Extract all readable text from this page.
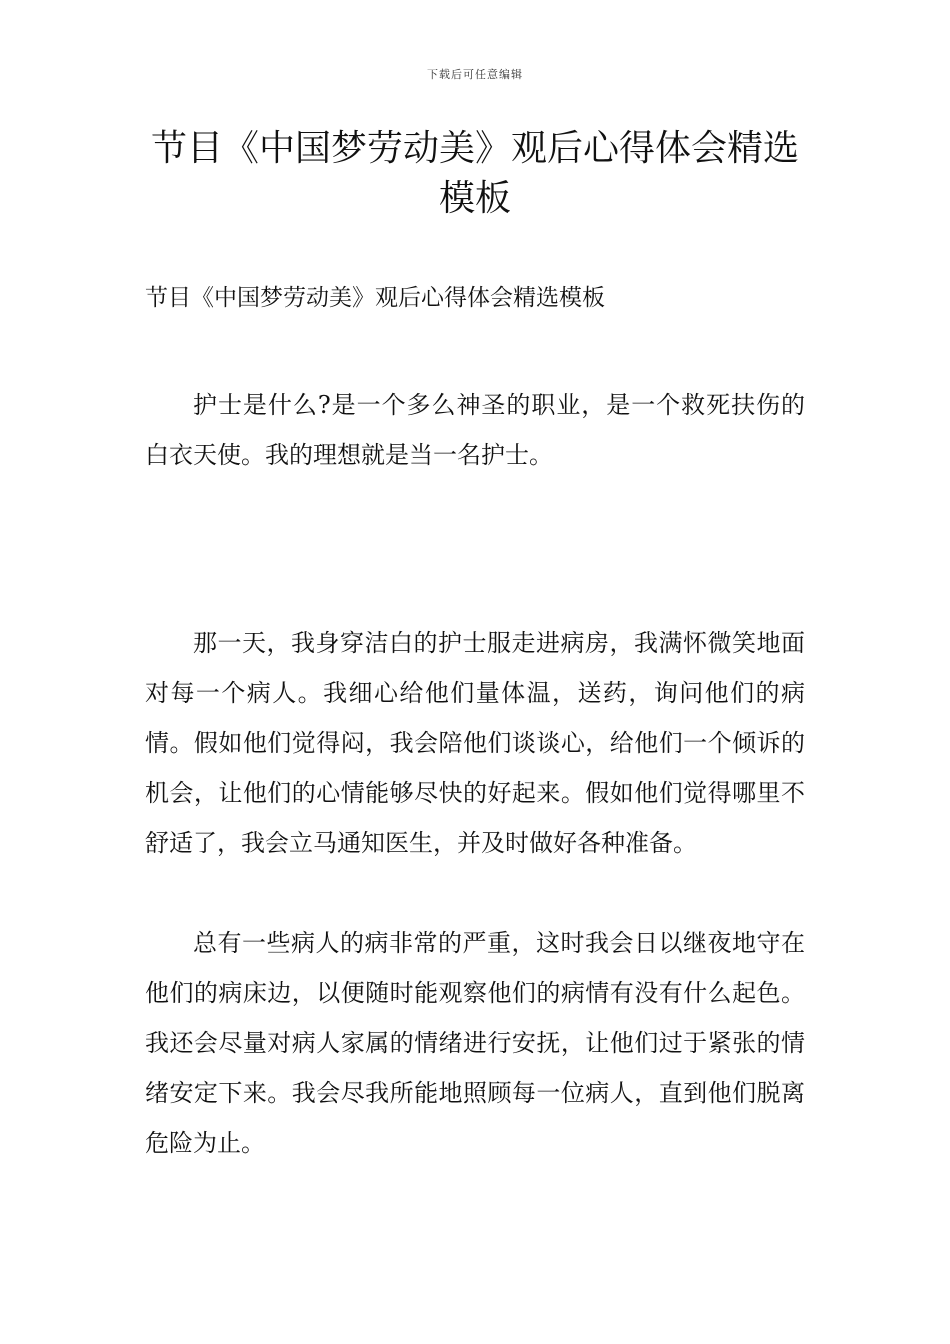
下载后可任意编辑
节目《中国梦劳动美》观后心得体会精选模板

节目《中国梦劳动美》观后心得体会精选模板

护士是什么?是一个多么神圣的职业，是一个救死扶伤的白衣天使。我的理想就是当一名护士。

那一天，我身穿洁白的护士服走进病房，我满怀微笑地面对每一个病人。我细心给他们量体温，送药，询问他们的病情。假如他们觉得闷，我会陪他们谈谈心，给他们一个倾诉的机会，让他们的心情能够尽快的好起来。假如他们觉得哪里不舒适了，我会立马通知医生，并及时做好各种准备。

总有一些病人的病非常的严重，这时我会日以继夜地守在他们的病床边，以便随时能观察他们的病情有没有什么起色。我还会尽量对病人家属的情绪进行安抚，让他们过于紧张的情绪安定下来。我会尽我所能地照顾每一位病人，直到他们脱离危险为止。
